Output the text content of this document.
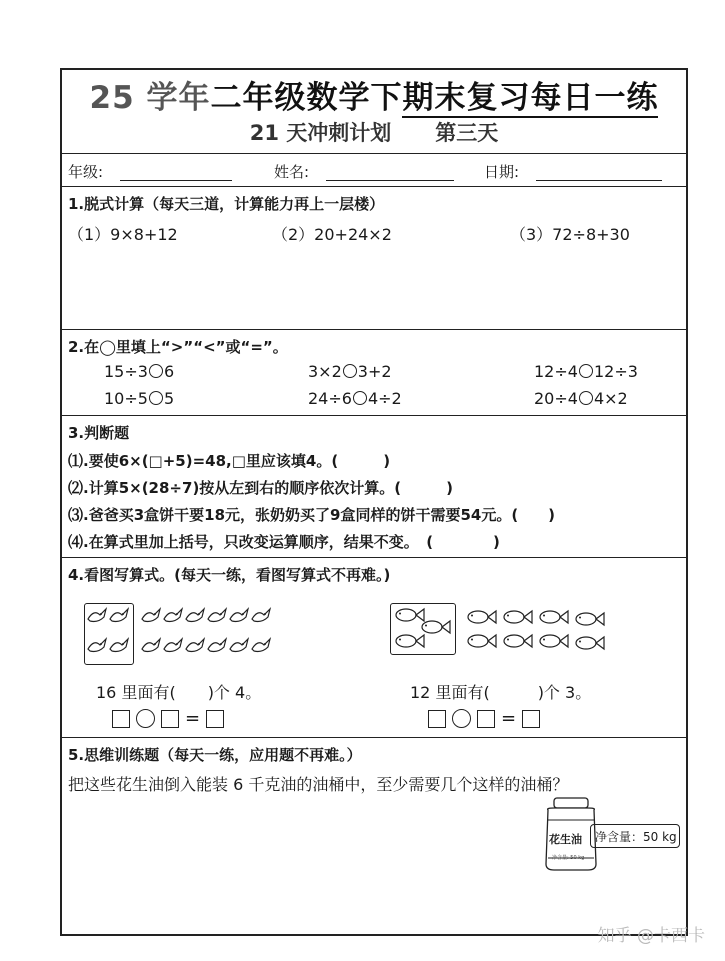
25 学年二年级数学下期末复习每日一练
21 天冲刺计划 第三天
年级:	姓名:	日期:
1.脱式计算（每天三道，计算能力再上一层楼）
（1）9×8+12	（2）20+24×2	（3）72÷8+30
2.在◯里填上“>”“<”或“=”。
15÷3 6	3×2 3+2	12÷4 12÷3
10÷5 5	24÷6 4÷2	20÷4 4×2
3.判断题
⑴.要使6×(□+5)=48,□里应该填4。(　　　)
⑵.计算5×(28÷7)按从左到右的顺序依次计算。(　　　)
⑶.爸爸买3盒饼干要18元，张奶奶买了9盒同样的饼干需要54元。(　　)
⑷.在算式里加上括号，只改变运算顺序，结果不变。　(　　　　)
4.看图写算式。(每天一练，看图写算式不再难。)
16 里面有(　　)个 4。	12 里面有(　　　)个 3。
=	=
5.思维训练题（每天一练，应用题不再难。）
把这些花生油倒入能装 6 千克油的油桶中，至少需要几个这样的油桶？
花生油
净含量: 50 kg
净含量：50 kg
知乎 @卡西卡
